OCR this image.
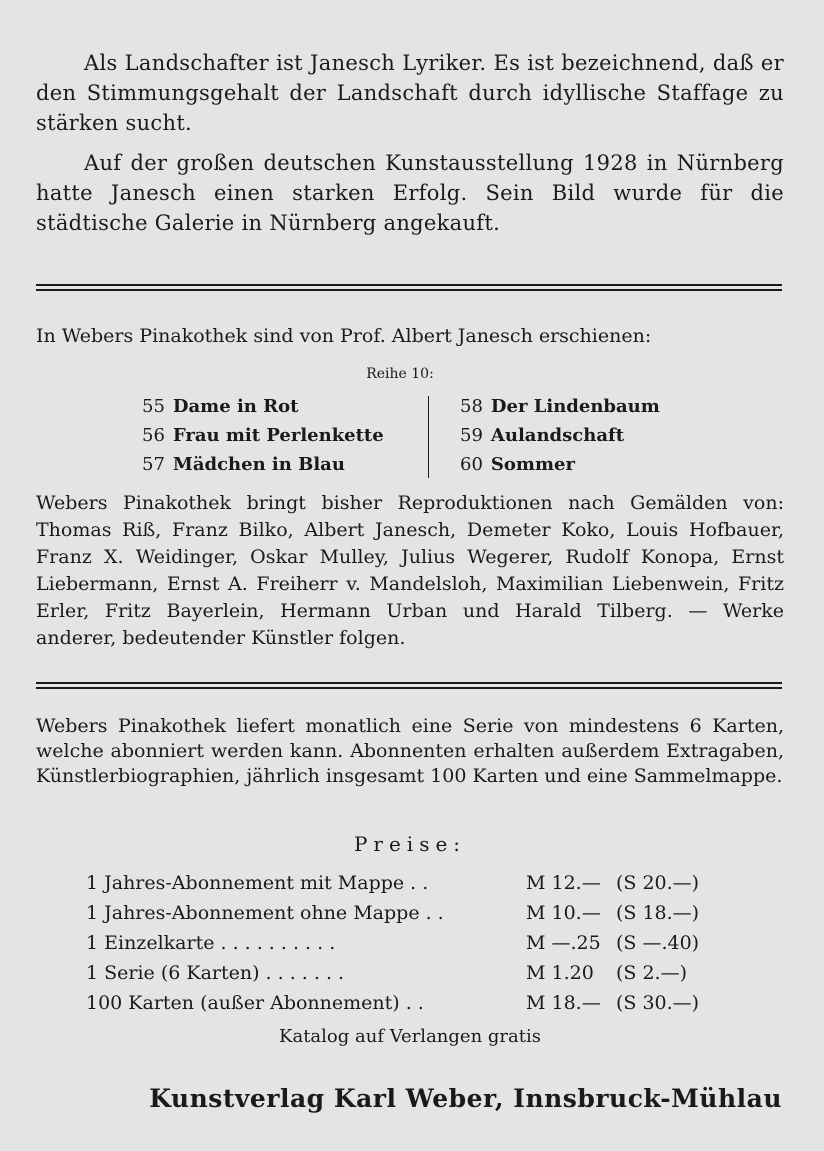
Als Landschafter ist Janesch Lyriker. Es ist bezeichnend, daß er den Stimmungsgehalt der Landschaft durch idyllische Staffage zu stärken sucht.
Auf der großen deutschen Kunstausstellung 1928 in Nürnberg hatte Janesch einen starken Erfolg. Sein Bild wurde für die städtische Galerie in Nürnberg angekauft.
In Webers Pinakothek sind von Prof. Albert Janesch erschienen:
Reihe 10:
55 Dame in Rot
56 Frau mit Perlenkette
57 Mädchen in Blau
58 Der Lindenbaum
59 Aulandschaft
60 Sommer
Webers Pinakothek bringt bisher Reproduktionen nach Gemälden von: Thomas Riß, Franz Bilko, Albert Janesch, Demeter Koko, Louis Hofbauer, Franz X. Weidinger, Oskar Mulley, Julius Wegerer, Rudolf Konopa, Ernst Liebermann, Ernst A. Freiherr v. Mandelsloh, Maximilian Liebenwein, Fritz Erler, Fritz Bayerlein, Hermann Urban und Harald Tilberg. — Werke anderer, bedeutender Künstler folgen.
Webers Pinakothek liefert monatlich eine Serie von mindestens 6 Karten, welche abonniert werden kann. Abonnenten erhalten außerdem Extragaben, Künstlerbiographien, jährlich insgesamt 100 Karten und eine Sammelmappe.
Preise:
1 Jahres-Abonnement mit Mappe . .	M 12.— (S 20.—)
1 Jahres-Abonnement ohne Mappe . .	M 10.— (S 18.—)
1 Einzelkarte . . . . . . . . . .	M —.25 (S —.40)
1 Serie (6 Karten) . . . . . . .	M 1.20	(S 2.—)
100 Karten (außer Abonnement) . .	M 18.— (S 30.—)
Katalog auf Verlangen gratis
Kunstverlag Karl Weber, Innsbruck-Mühlau
